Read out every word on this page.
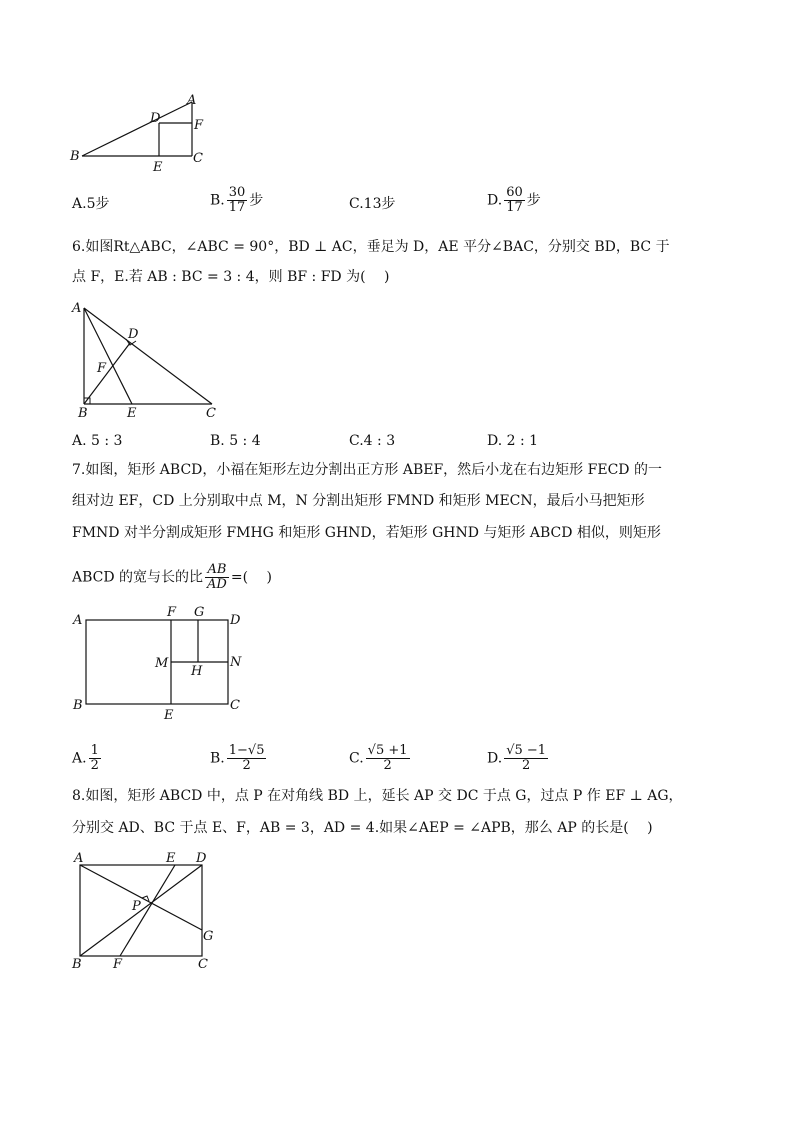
A
D	F
B	C
E
A.5步	B. $\frac{30}{17}$ 步	C.13步	D. $\frac{60}{17}$ 步
6.如图Rt△ABC，∠ABC = 90°，BD ⊥ AC，垂足为 D，AE 平分∠BAC，分别交 BD，BC 于
点 F，E.若 AB : BC = 3 : 4，则 BF : FD 为(　 )
A
D
F
B	E	C
A. 5 : 3	B. 5 : 4	C.4 : 3	D. 2 : 1
7.如图，矩形 ABCD，小福在矩形左边分割出正方形 ABEF，然后小龙在右边矩形 FECD 的一
组对边 EF，CD 上分别取中点 M，N 分割出矩形 FMND 和矩形 MECN，最后小马把矩形
FMND 对半分割成矩形 FMHG 和矩形 GHND，若矩形 GHND 与矩形 ABCD 相似，则矩形
ABCD 的宽与长的比 $\frac{AB}{AD}$ =(　 )
A
F G
D
M
H
N
B	C
E
A. $\frac{1}{2}$	B. $\frac{1-√5}{2}$	C. $\frac{√5 +1}{2}$	D. $\frac{√5 -1}{2}$
8.如图，矩形 ABCD 中，点 P 在对角线 BD 上，延长 AP 交 DC 于点 G，过点 P 作 EF ⊥ AG，
分别交 AD、BC 于点 E、F，AB = 3，AD = 4.如果∠AEP = ∠APB，那么 AP 的长是(　 )
A	E D
P
G
B F	C
